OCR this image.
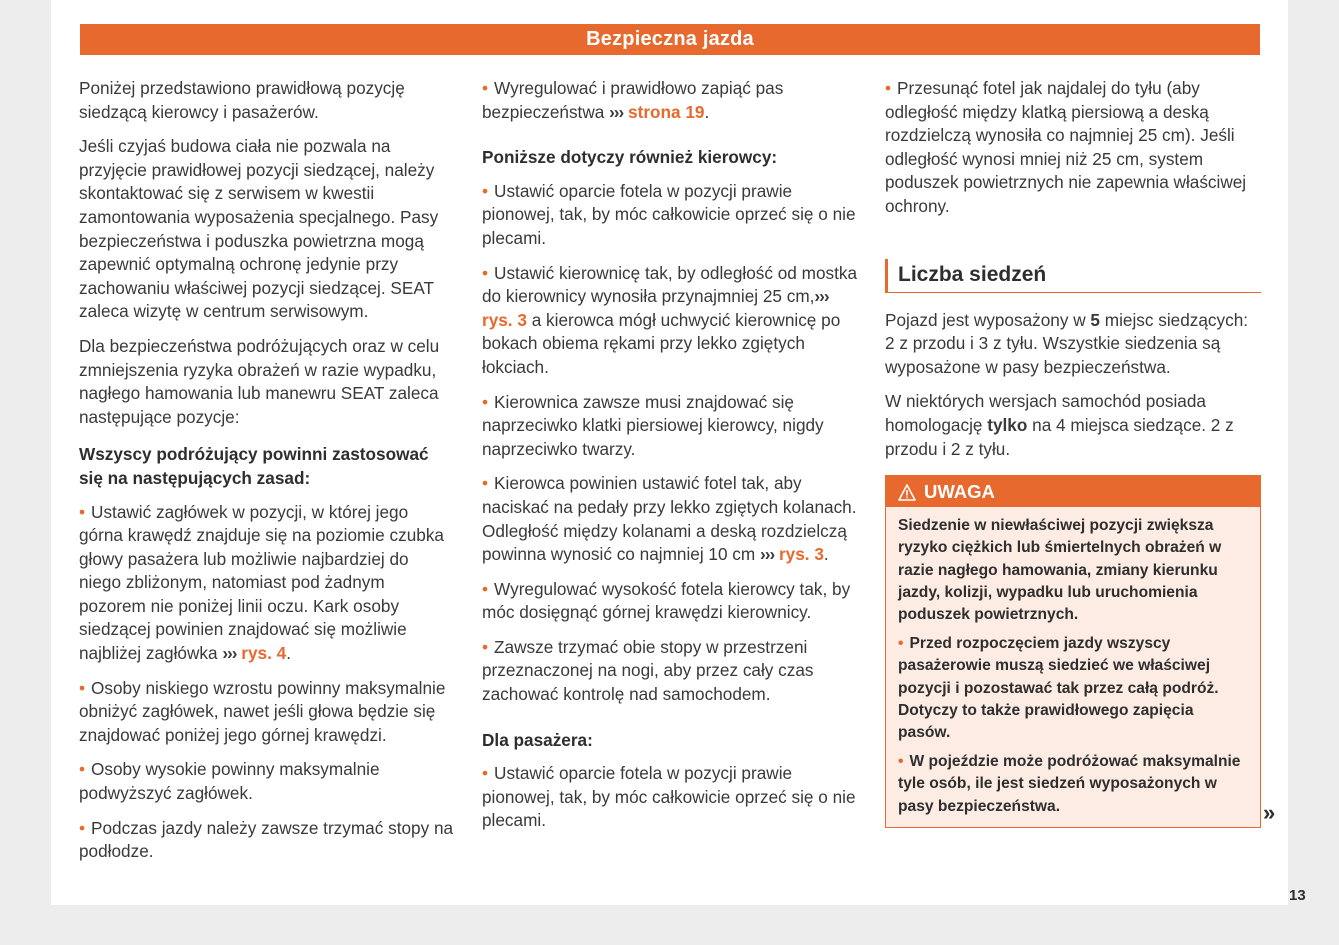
Bezpieczna jazda

Poniżej przedstawiono prawidłową pozycję siedzącą kierowcy i pasażerów.

Jeśli czyjaś budowa ciała nie pozwala na przyjęcie prawidłowej pozycji siedzącej, należy skontaktować się z serwisem w kwestii zamontowania wyposażenia specjalnego. Pasy bezpieczeństwa i poduszka powietrzna mogą zapewnić optymalną ochronę jedynie przy zachowaniu właściwej pozycji siedzącej. SEAT zaleca wizytę w centrum serwisowym.

Dla bezpieczeństwa podróżujących oraz w celu zmniejszenia ryzyka obrażeń w razie wypadku, nagłego hamowania lub manewru SEAT zaleca następujące pozycje:

Wszyscy podróżujący powinni zastosować się na następujących zasad:

• Ustawić zagłówek w pozycji, w której jego górna krawędź znajduje się na poziomie czubka głowy pasażera lub możliwie najbardziej do niego zbliżonym, natomiast pod żadnym pozorem nie poniżej linii oczu. Kark osoby siedzącej powinien znajdować się możliwie najbliżej zagłówka ››› rys. 4.

• Osoby niskiego wzrostu powinny maksymalnie obniżyć zagłówek, nawet jeśli głowa będzie się znajdować poniżej jego górnej krawędzi.

• Osoby wysokie powinny maksymalnie podwyższyć zagłówek.

• Podczas jazdy należy zawsze trzymać stopy na podłodze.

• Wyregulować i prawidłowo zapiąć pas bezpieczeństwa ››› strona 19.

Poniższe dotyczy również kierowcy:

• Ustawić oparcie fotela w pozycji prawie pionowej, tak, by móc całkowicie oprzeć się o nie plecami.

• Ustawić kierownicę tak, by odległość od mostka do kierownicy wynosiła przynajmniej 25 cm,››› rys. 3 a kierowca mógł uchwycić kierownicę po bokach obiema rękami przy lekko zgiętych łokciach.

• Kierownica zawsze musi znajdować się naprzeciwko klatki piersiowej kierowcy, nigdy naprzeciwko twarzy.

• Kierowca powinien ustawić fotel tak, aby naciskać na pedały przy lekko zgiętych kolanach. Odległość między kolanami a deską rozdzielczą powinna wynosić co najmniej 10 cm ››› rys. 3.

• Wyregulować wysokość fotela kierowcy tak, by móc dosięgnąć górnej krawędzi kierownicy.

• Zawsze trzymać obie stopy w przestrzeni przeznaczonej na nogi, aby przez cały czas zachować kontrolę nad samochodem.

Dla pasażera:

• Ustawić oparcie fotela w pozycji prawie pionowej, tak, by móc całkowicie oprzeć się o nie plecami.

• Przesunąć fotel jak najdalej do tyłu (aby odległość między klatką piersiową a deską rozdzielczą wynosiła co najmniej 25 cm). Jeśli odległość wynosi mniej niż 25 cm, system poduszek powietrznych nie zapewnia właściwej ochrony.

Liczba siedzeń

Pojazd jest wyposażony w 5 miejsc siedzących: 2 z przodu i 3 z tyłu. Wszystkie siedzenia są wyposażone w pasy bezpieczeństwa.

W niektórych wersjach samochód posiada homologację tylko na 4 miejsca siedzące. 2 z przodu i 2 z tyłu.

UWAGA

Siedzenie w niewłaściwej pozycji zwiększa ryzyko ciężkich lub śmiertelnych obrażeń w razie nagłego hamowania, zmiany kierunku jazdy, kolizji, wypadku lub uruchomienia poduszek powietrznych.

• Przed rozpoczęciem jazdy wszyscy pasażerowie muszą siedzieć we właściwej pozycji i pozostawać tak przez całą podróż. Dotyczy to także prawidłowego zapięcia pasów.

• W pojeździe może podróżować maksymalnie tyle osób, ile jest siedzeń wyposażonych w pasy bezpieczeństwa.	»
13
